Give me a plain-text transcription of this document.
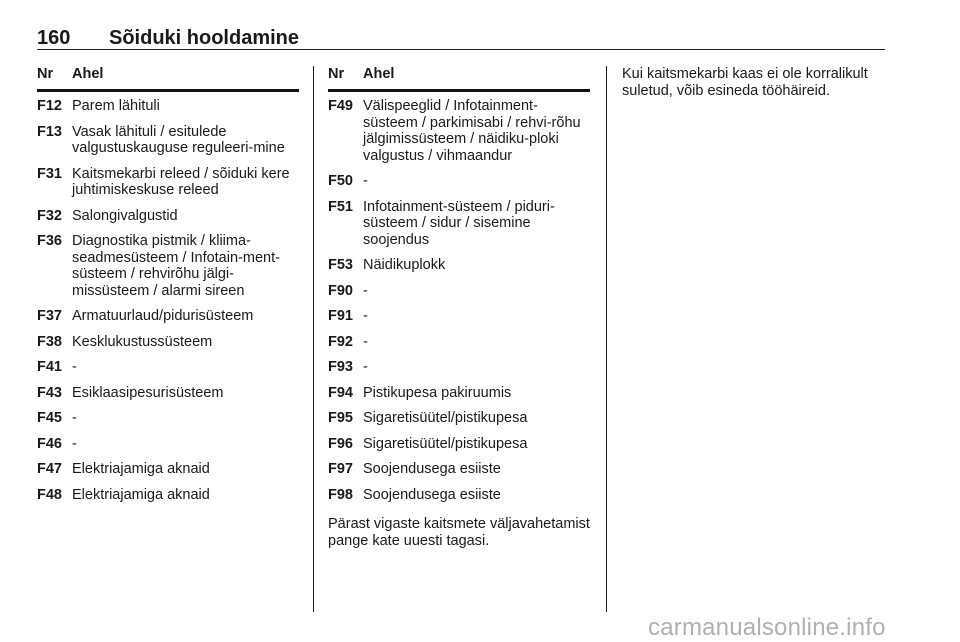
160	Sõiduki hooldamine
Nr	Ahel
F12 Parem lähituli
F13 Vasak lähituli / esitulede valgustuskauguse reguleeri-mine
F31 Kaitsmekarbi releed / sõiduki kere juhtimiskeskuse releed
F32 Salongivalgustid
F36 Diagnostika pistmik / kliima-seadmesüsteem / Infotain-ment-süsteem / rehvirõhu jälgi-missüsteem / alarmi sireen
F37 Armatuurlaud/pidurisüsteem
F38 Kesklukustussüsteem
F41 -
F43 Esiklaasipesurisüsteem
F45 -
F46 -
F47 Elektriajamiga aknaid
F48 Elektriajamiga aknaid
Nr	Ahel
F49 Välispeeglid / Infotainment-süsteem / parkimisabi / rehvi-rõhu jälgimissüsteem / näidiku-ploki valgustus / vihmaandur
F50 -
F51 Infotainment-süsteem / piduri-süsteem / sidur / sisemine soojendus
F53 Näidikuplokk
F90 -
F91 -
F92 -
F93 -
F94 Pistikupesa pakiruumis
F95 Sigaretisüütel/pistikupesa
F96 Sigaretisüütel/pistikupesa
F97 Soojendusega esiiste
F98 Soojendusega esiiste
Pärast vigaste kaitsmete väljavahetamist pange kate uuesti tagasi.
Kui kaitsmekarbi kaas ei ole korralikult suletud, võib esineda tööhäireid.
carmanualsonline.info
